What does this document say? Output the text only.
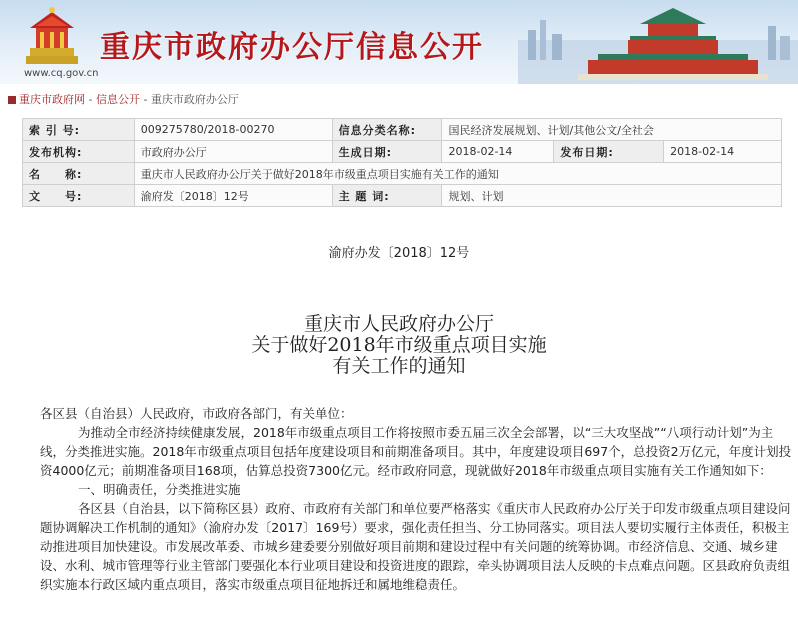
重庆市政府办公厅信息公开
www.cq.gov.cn
重庆市政府网 - 信息公开 - 重庆市政府办公厅
索 引 号:	009275780/2018-00270	信息分类名称:	国民经济发展规划、计划/其他公文/全社会		
发布机构:	市政府办公厅	生成日期:	2018-02-14	发布日期:	2018-02-14
名　　称:	重庆市人民政府办公厅关于做好2018年市级重点项目实施有关工作的通知				
文　　号:	渝府发〔2018〕12号	主 题 词:	规划、计划		
渝府办发〔2018〕12号
重庆市人民政府办公厅
关于做好2018年市级重点项目实施
有关工作的通知

各区县（自治县）人民政府，市政府各部门，有关单位：

为推动全市经济持续健康发展，2018年市级重点项目工作将按照市委五届三次全会部署，以“三大攻坚战”“八项行动计划”为主线，分类推进实施。2018年市级重点项目包括年度建设项目和前期准备项目。其中，年度建设项目697个，总投资2万亿元，年度计划投资4000亿元；前期准备项目168项，估算总投资7300亿元。经市政府同意，现就做好2018年市级重点项目实施有关工作通知如下：

一、明确责任，分类推进实施

各区县（自治县，以下简称区县）政府、市政府有关部门和单位要严格落实《重庆市人民政府办公厅关于印发市级重点项目建设问题协调解决工作机制的通知》（渝府办发〔2017〕169号）要求，强化责任担当、分工协同落实。项目法人要切实履行主体责任，积极主动推进项目加快建设。市发展改革委、市城乡建委要分别做好项目前期和建设过程中有关问题的统筹协调。市经济信息、交通、城乡建设、水利、城市管理等行业主管部门要强化本行业项目建设和投资进度的跟踪，牵头协调项目法人反映的卡点难点问题。区县政府负责组织实施本行政区域内重点项目，落实市级重点项目征地拆迁和属地维稳责任。
